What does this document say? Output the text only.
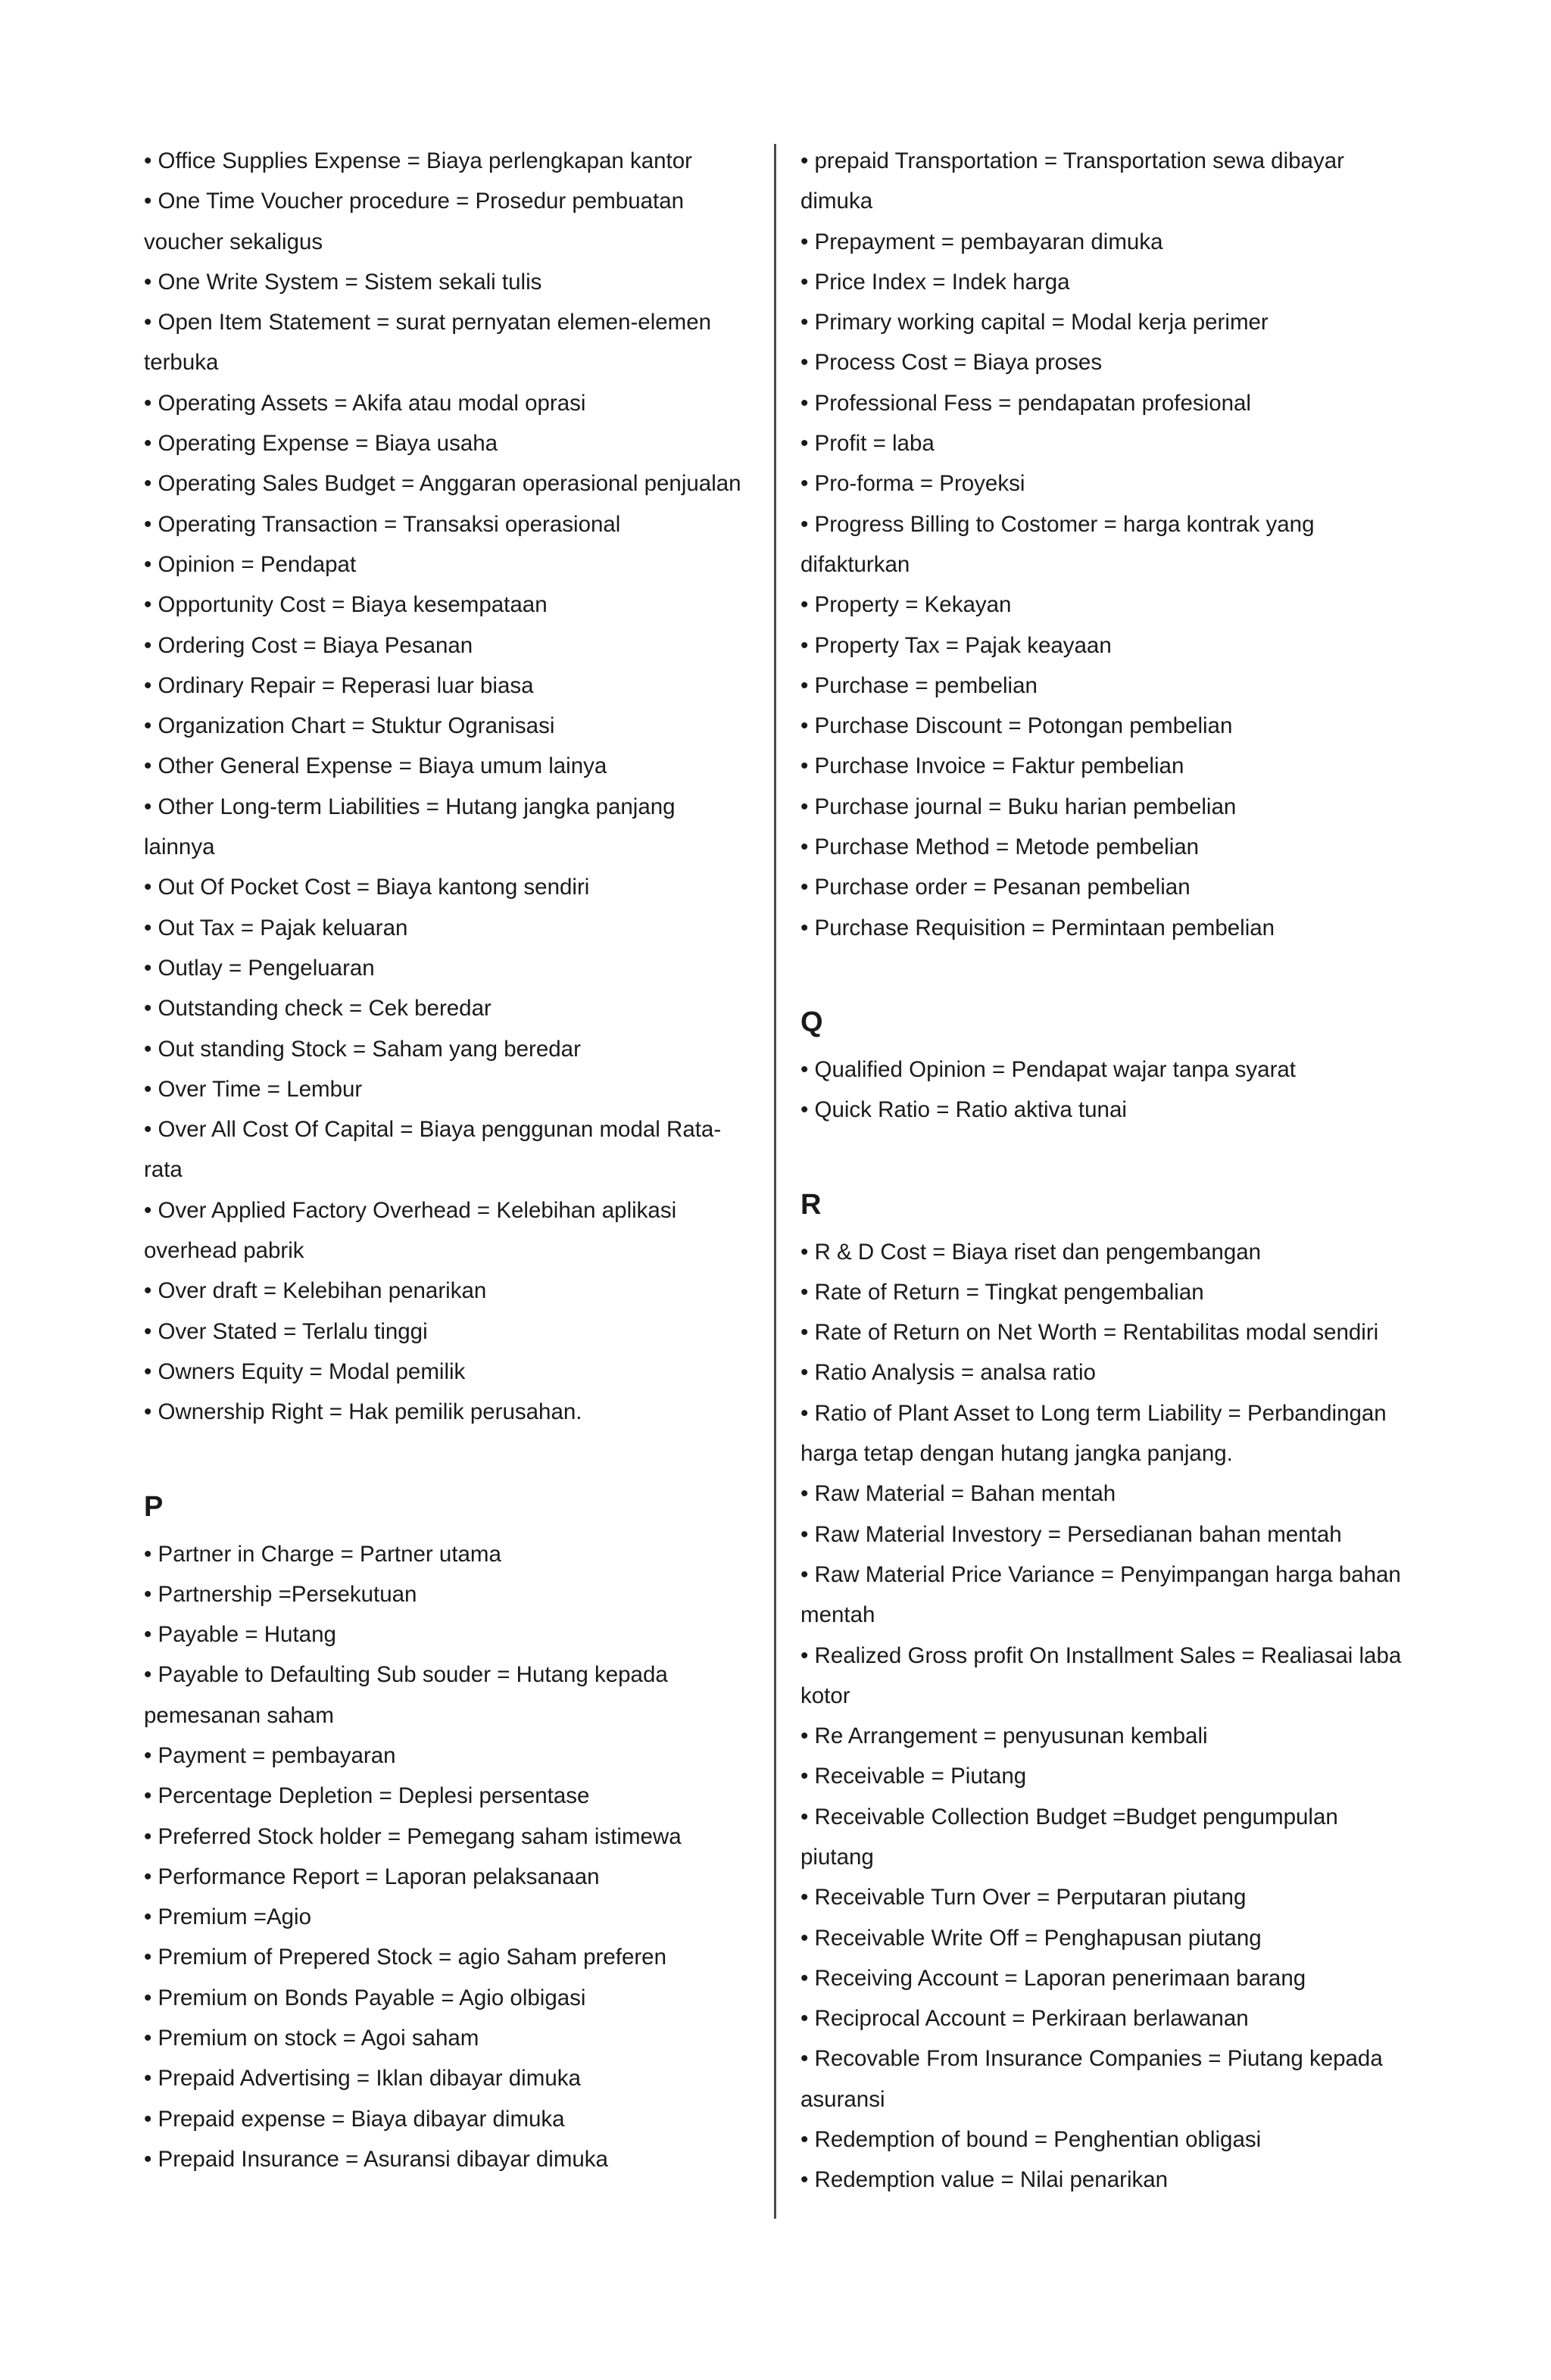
• Office Supplies Expense = Biaya perlengkapan kantor

• One Time Voucher procedure = Prosedur pembuatan voucher sekaligus

• One Write System = Sistem sekali tulis

• Open Item Statement = surat pernyatan elemen-elemen terbuka

• Operating Assets = Akifa atau modal oprasi

• Operating Expense = Biaya usaha

• Operating Sales Budget = Anggaran operasional penjualan

• Operating Transaction = Transaksi operasional

• Opinion = Pendapat

• Opportunity Cost = Biaya kesempataan

• Ordering Cost = Biaya Pesanan

• Ordinary Repair = Reperasi luar biasa

• Organization Chart = Stuktur Ogranisasi

• Other General Expense = Biaya umum lainya

• Other Long-term Liabilities = Hutang jangka panjang lainnya

• Out Of Pocket Cost = Biaya kantong sendiri

• Out Tax = Pajak keluaran

• Outlay = Pengeluaran

• Outstanding check = Cek beredar

• Out standing Stock = Saham yang beredar

• Over Time = Lembur

• Over All Cost Of Capital = Biaya penggunan modal Rata-rata

• Over Applied Factory Overhead = Kelebihan aplikasi overhead pabrik

• Over draft = Kelebihan penarikan

• Over Stated = Terlalu tinggi

• Owners Equity = Modal pemilik

• Ownership Right = Hak pemilik perusahan.

P

• Partner in Charge = Partner utama

• Partnership =Persekutuan

• Payable = Hutang

• Payable to Defaulting Sub souder = Hutang kepada pemesanan saham

• Payment = pembayaran

• Percentage Depletion = Deplesi persentase

• Preferred Stock holder = Pemegang saham istimewa

• Performance Report = Laporan pelaksanaan

• Premium =Agio

• Premium of Prepered Stock = agio Saham preferen

• Premium on Bonds Payable = Agio olbigasi

• Premium on stock = Agoi saham

• Prepaid Advertising = Iklan dibayar dimuka

• Prepaid expense = Biaya dibayar dimuka

• Prepaid Insurance = Asuransi dibayar dimuka

• prepaid Transportation = Transportation sewa dibayar dimuka

• Prepayment = pembayaran dimuka

• Price Index = Indek harga

• Primary working capital = Modal kerja perimer

• Process Cost = Biaya proses

• Professional Fess = pendapatan profesional

• Profit = laba

• Pro-forma = Proyeksi

• Progress Billing to Costomer = harga kontrak yang difakturkan

• Property = Kekayan

• Property Tax = Pajak keayaan

• Purchase = pembelian

• Purchase Discount = Potongan pembelian

• Purchase Invoice = Faktur pembelian

• Purchase journal = Buku harian pembelian

• Purchase Method = Metode pembelian

• Purchase order = Pesanan pembelian

• Purchase Requisition = Permintaan pembelian

Q

• Qualified Opinion = Pendapat wajar tanpa syarat

• Quick Ratio = Ratio aktiva tunai

R

• R & D Cost = Biaya riset dan pengembangan

• Rate of Return = Tingkat pengembalian

• Rate of Return on Net Worth = Rentabilitas modal sendiri

• Ratio Analysis = analsa ratio

• Ratio of Plant Asset to Long term Liability = Perbandingan harga tetap dengan hutang jangka panjang.

• Raw Material = Bahan mentah

• Raw Material Investory = Persedianan bahan mentah

• Raw Material Price Variance = Penyimpangan harga bahan mentah

• Realized Gross profit On Installment Sales = Realiasai laba kotor

• Re Arrangement = penyusunan kembali

• Receivable = Piutang

• Receivable Collection Budget =Budget pengumpulan piutang

• Receivable Turn Over = Perputaran piutang

• Receivable Write Off = Penghapusan piutang

• Receiving Account = Laporan penerimaan barang

• Reciprocal Account = Perkiraan berlawanan

• Recovable From Insurance Companies = Piutang kepada asuransi

• Redemption of bound = Penghentian obligasi

• Redemption value = Nilai penarikan
